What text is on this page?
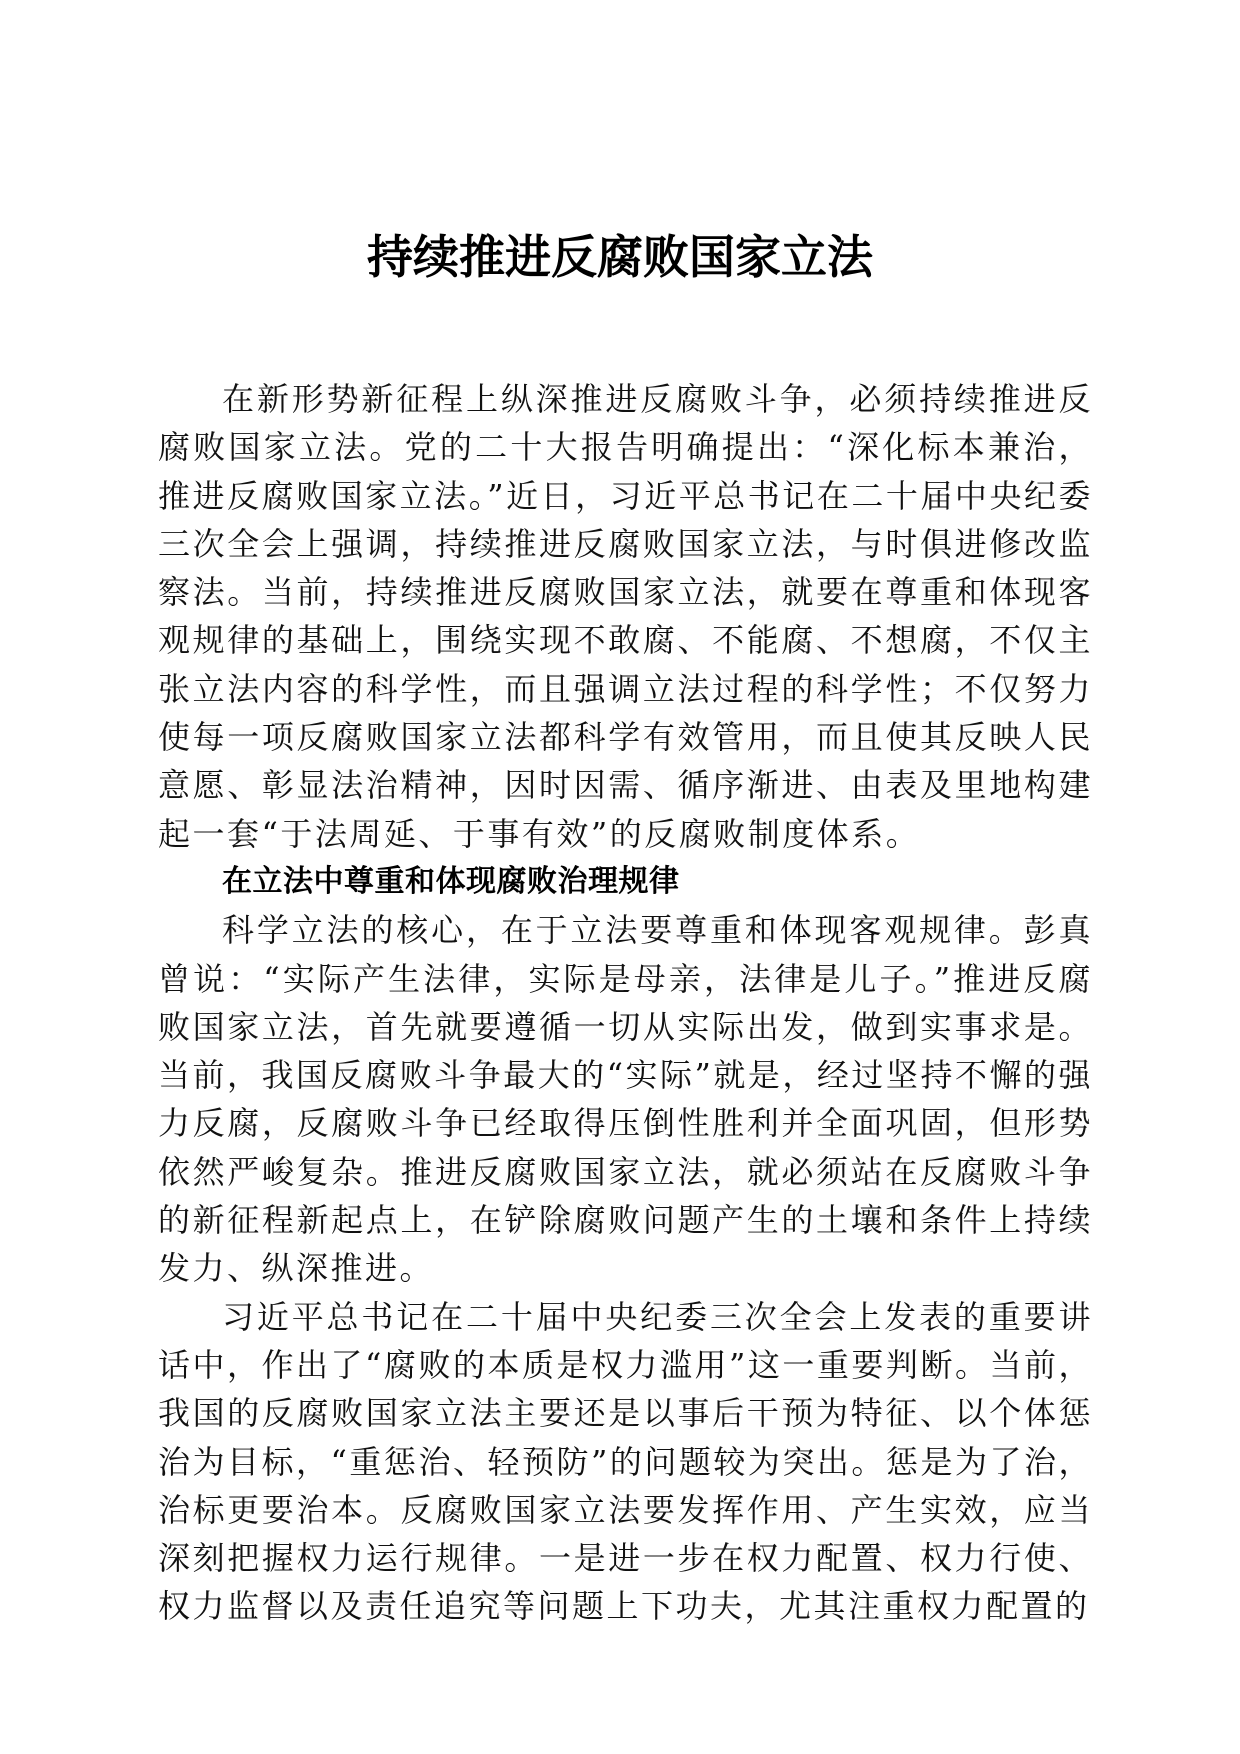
持续推进反腐败国家立法

在新形势新征程上纵深推进反腐败斗争，必须持续推进反腐败国家立法。党的二十大报告明确提出：“深化标本兼治，推进反腐败国家立法。”近日，习近平总书记在二十届中央纪委三次全会上强调，持续推进反腐败国家立法，与时俱进修改监察法。当前，持续推进反腐败国家立法，就要在尊重和体现客观规律的基础上，围绕实现不敢腐、不能腐、不想腐，不仅主张立法内容的科学性，而且强调立法过程的科学性；不仅努力使每一项反腐败国家立法都科学有效管用，而且使其反映人民意愿、彰显法治精神，因时因需、循序渐进、由表及里地构建起一套“于法周延、于事有效”的反腐败制度体系。

在立法中尊重和体现腐败治理规律

科学立法的核心，在于立法要尊重和体现客观规律。彭真曾说：“实际产生法律，实际是母亲，法律是儿子。”推进反腐败国家立法，首先就要遵循一切从实际出发，做到实事求是。当前，我国反腐败斗争最大的“实际”就是，经过坚持不懈的强力反腐，反腐败斗争已经取得压倒性胜利并全面巩固，但形势依然严峻复杂。推进反腐败国家立法，就必须站在反腐败斗争的新征程新起点上，在铲除腐败问题产生的土壤和条件上持续发力、纵深推进。

习近平总书记在二十届中央纪委三次全会上发表的重要讲话中，作出了“腐败的本质是权力滥用”这一重要判断。当前，我国的反腐败国家立法主要还是以事后干预为特征、以个体惩治为目标，“重惩治、轻预防”的问题较为突出。惩是为了治，治标更要治本。反腐败国家立法要发挥作用、产生实效，应当深刻把握权力运行规律。一是进一步在权力配置、权力行使、权力监督以及责任追究等问题上下功夫，尤其注重权力配置的
